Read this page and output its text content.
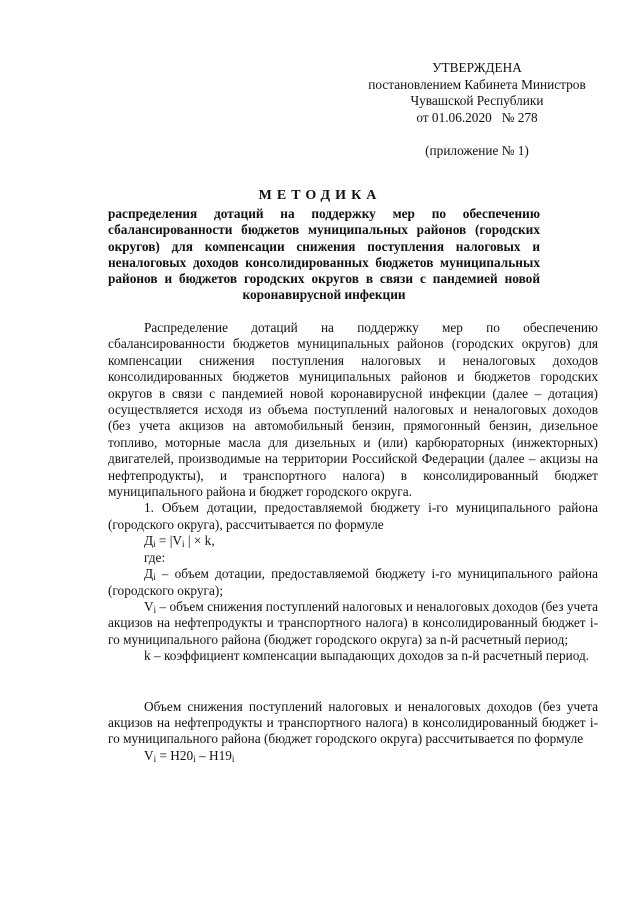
УТВЕРЖДЕНА
постановлением Кабинета Министров
Чувашской Республики
от 01.06.2020   № 278
(приложение № 1)
МЕТОДИКА
распределения дотаций на поддержку мер по обеспечению сбалансированности бюджетов муниципальных районов (городских округов) для компенсации снижения поступления налоговых и неналоговых доходов консолидированных бюджетов муниципальных районов и бюджетов городских округов в связи с пандемией новой коронавирусной инфекции

Распределение дотаций на поддержку мер по обеспечению сбалансированности бюджетов муниципальных районов (городских округов) для компенсации снижения поступления налоговых и неналоговых доходов консолидированных бюджетов муниципальных районов и бюджетов городских округов в связи с пандемией новой коронавирусной инфекции (далее – дотация) осуществляется исходя из объема поступлений налоговых и неналоговых доходов (без учета акцизов на автомобильный бензин, прямогонный бензин, дизельное топливо, моторные масла для дизельных и (или) карбюраторных (инжекторных) двигателей, производимые на территории Российской Федерации (далее – акцизы на нефтепродукты), и транспортного налога) в консолидированный бюджет муниципального района и бюджет городского округа.

1. Объем дотации, предоставляемой бюджету i-го муниципального района (городского округа), рассчитывается по формуле

$Д_i = |V_i$ | × k,

где:

$Д_i$ – объем дотации, предоставляемой бюджету i-го муниципального района (городского округа);

$V_i$ – объем снижения поступлений налоговых и неналоговых доходов (без учета акцизов на нефтепродукты и транспортного налога) в консолидированный бюджет i-го муниципального района (бюджет городского округа) за n-й расчетный период;

k – коэффициент компенсации выпадающих доходов за n-й расчетный период.

Объем снижения поступлений налоговых и неналоговых доходов (без учета акцизов на нефтепродукты и транспортного налога) в консолидированный бюджет i-го муниципального района (бюджет городского округа) рассчитывается по формуле

$V_i = Н20_i - Н19_i$
